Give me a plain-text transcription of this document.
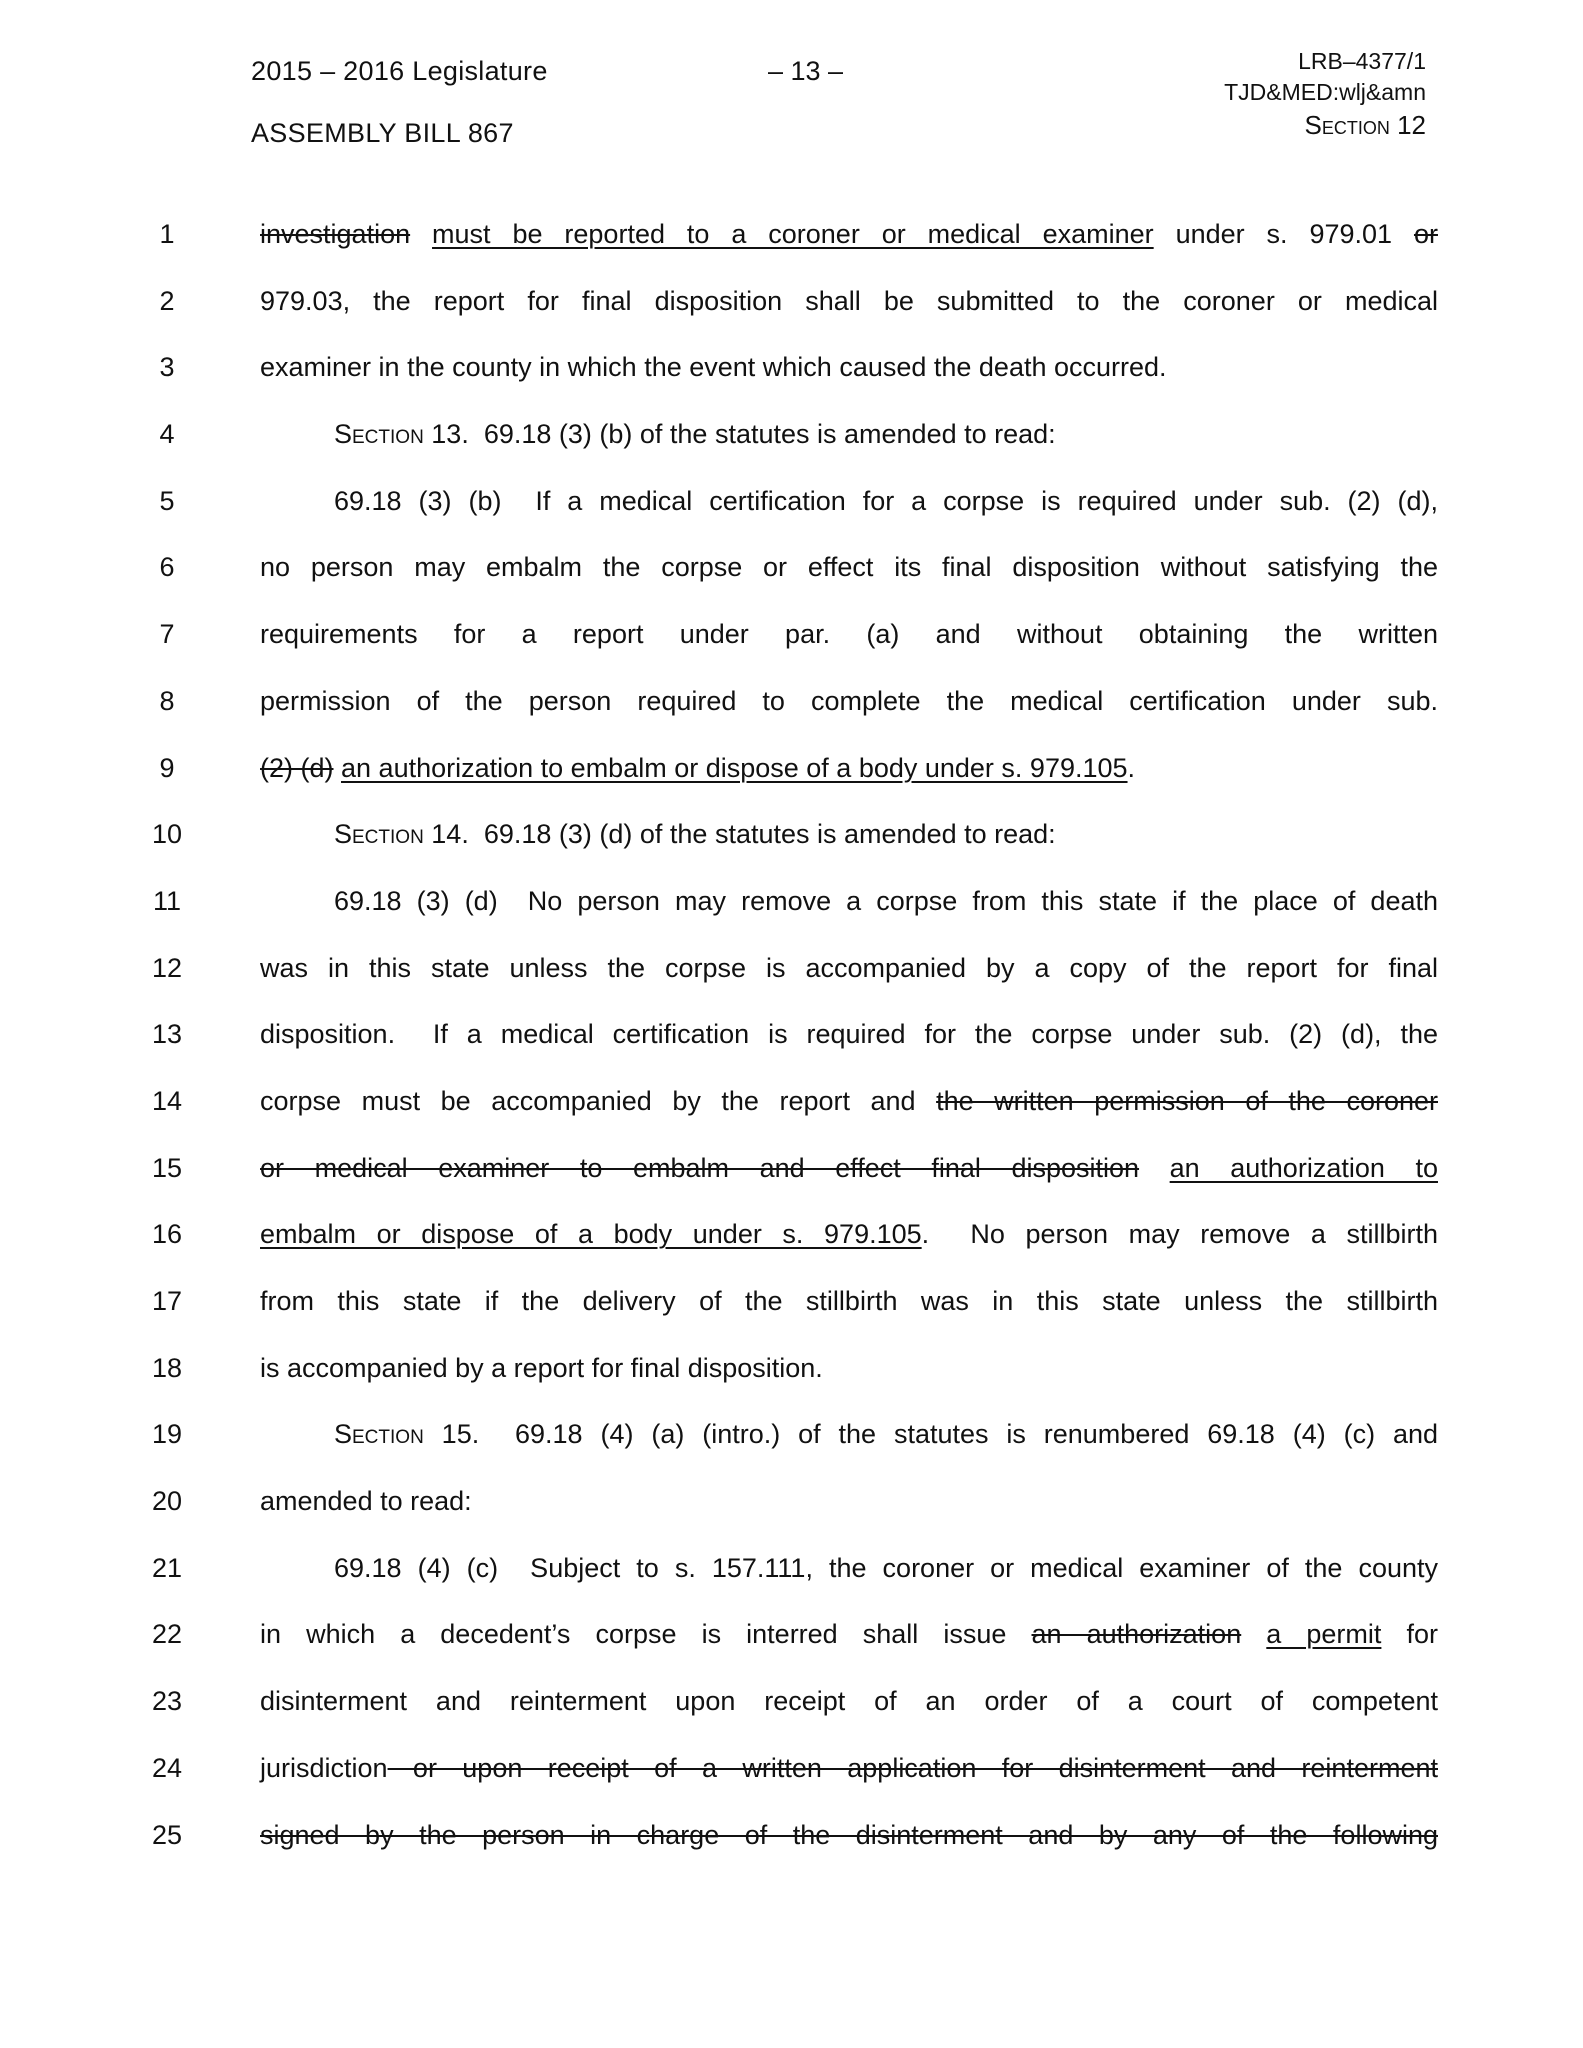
2015 – 2016 Legislature	– 13 –
ASSEMBLY BILL 867
LRB–4377/1
TJD&MED:wlj&amn
Section 12
1	investigation must be reported to a coroner or medical examiner under s. 979.01 or
2	979.03, the report for final disposition shall be submitted to the coroner or medical
3	examiner in the county in which the event which caused the death occurred.
4	Section 13.  69.18 (3) (b) of the statutes is amended to read:
5	69.18 (3) (b)  If a medical certification for a corpse is required under sub. (2) (d),
6	no person may embalm the corpse or effect its final disposition without satisfying the
7	requirements for a report under par. (a) and without obtaining the written
8	permission of the person required to complete the medical certification under sub.
9	(2) (d) an authorization to embalm or dispose of a body under s. 979.105.
10	Section 14.  69.18 (3) (d) of the statutes is amended to read:
11	69.18 (3) (d)  No person may remove a corpse from this state if the place of death
12	was in this state unless the corpse is accompanied by a copy of the report for final
13	disposition.  If a medical certification is required for the corpse under sub. (2) (d), the
14	corpse must be accompanied by the report and the written permission of the coroner
15	or medical examiner to embalm and effect final disposition an authorization to
16	embalm or dispose of a body under s. 979.105.  No person may remove a stillbirth
17	from this state if the delivery of the stillbirth was in this state unless the stillbirth
18	is accompanied by a report for final disposition.
19	Section 15.  69.18 (4) (a) (intro.) of the statutes is renumbered 69.18 (4) (c) and
20	amended to read:
21	69.18 (4) (c)  Subject to s. 157.111, the coroner or medical examiner of the county
22	in which a decedent’s corpse is interred shall issue an authorization a permit for
23	disinterment and reinterment upon receipt of an order of a court of competent
24	jurisdiction or upon receipt of a written application for disinterment and reinterment
25	signed by the person in charge of the disinterment and by any of the following
